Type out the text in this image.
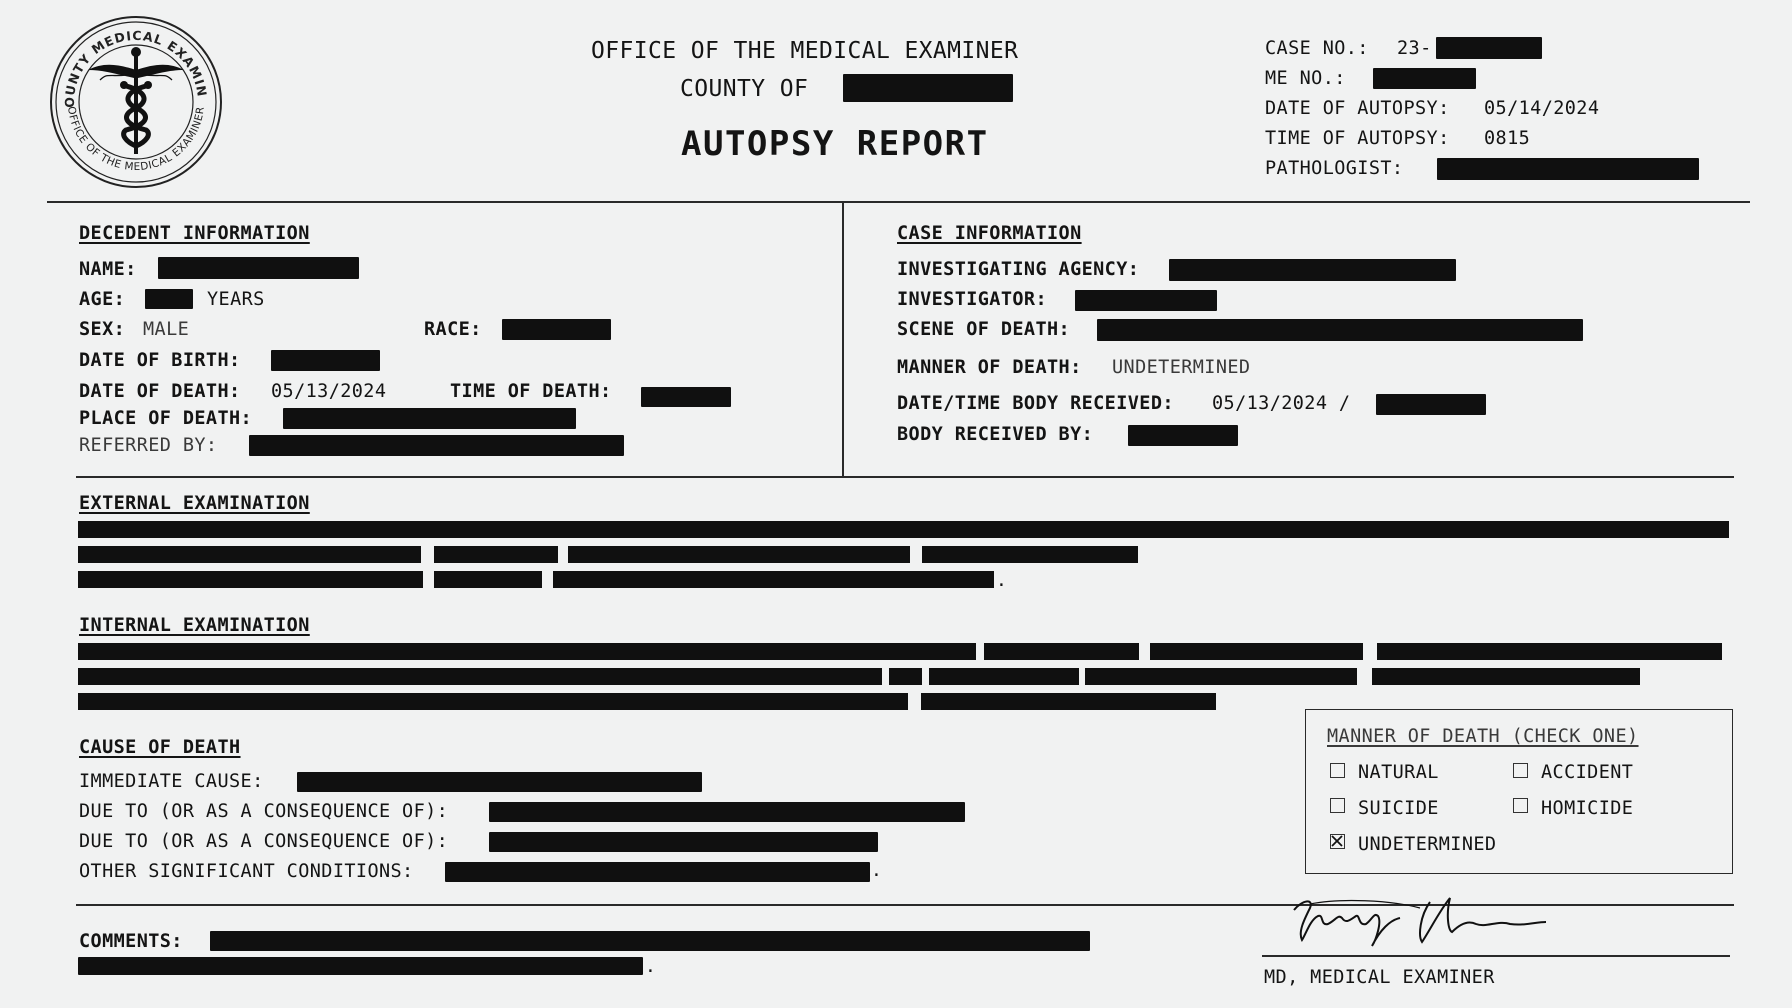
OUNTY MEDICAL EXAMIN
OFFICE OF THE MEDICAL EXAMINER
OFFICE OF THE MEDICAL EXAMINER
COUNTY OF
AUTOPSY REPORT
CASE NO.: 23-
ME NO.:
DATE OF AUTOPSY: 05/14/2024
TIME OF AUTOPSY: 0815
PATHOLOGIST:
DECEDENT INFORMATION
NAME:
AGE:	YEARS
SEX: MALE	RACE:
DATE OF BIRTH:
DATE OF DEATH: 05/13/2024	TIME OF DEATH:
PLACE OF DEATH:
REFERRED BY:
CASE INFORMATION
INVESTIGATING AGENCY:
INVESTIGATOR:
SCENE OF DEATH:
MANNER OF DEATH: UNDETERMINED
DATE/TIME BODY RECEIVED: 05/13/2024 /
BODY RECEIVED BY:
EXTERNAL EXAMINATION
.
INTERNAL EXAMINATION
CAUSE OF DEATH
IMMEDIATE CAUSE:
DUE TO (OR AS A CONSEQUENCE OF):
DUE TO (OR AS A CONSEQUENCE OF):
OTHER SIGNIFICANT CONDITIONS:	.
MANNER OF DEATH (CHECK ONE)
NATURAL	ACCIDENT
SUICIDE	HOMICIDE
UNDETERMINED
COMMENTS:
.
MD, MEDICAL EXAMINER
